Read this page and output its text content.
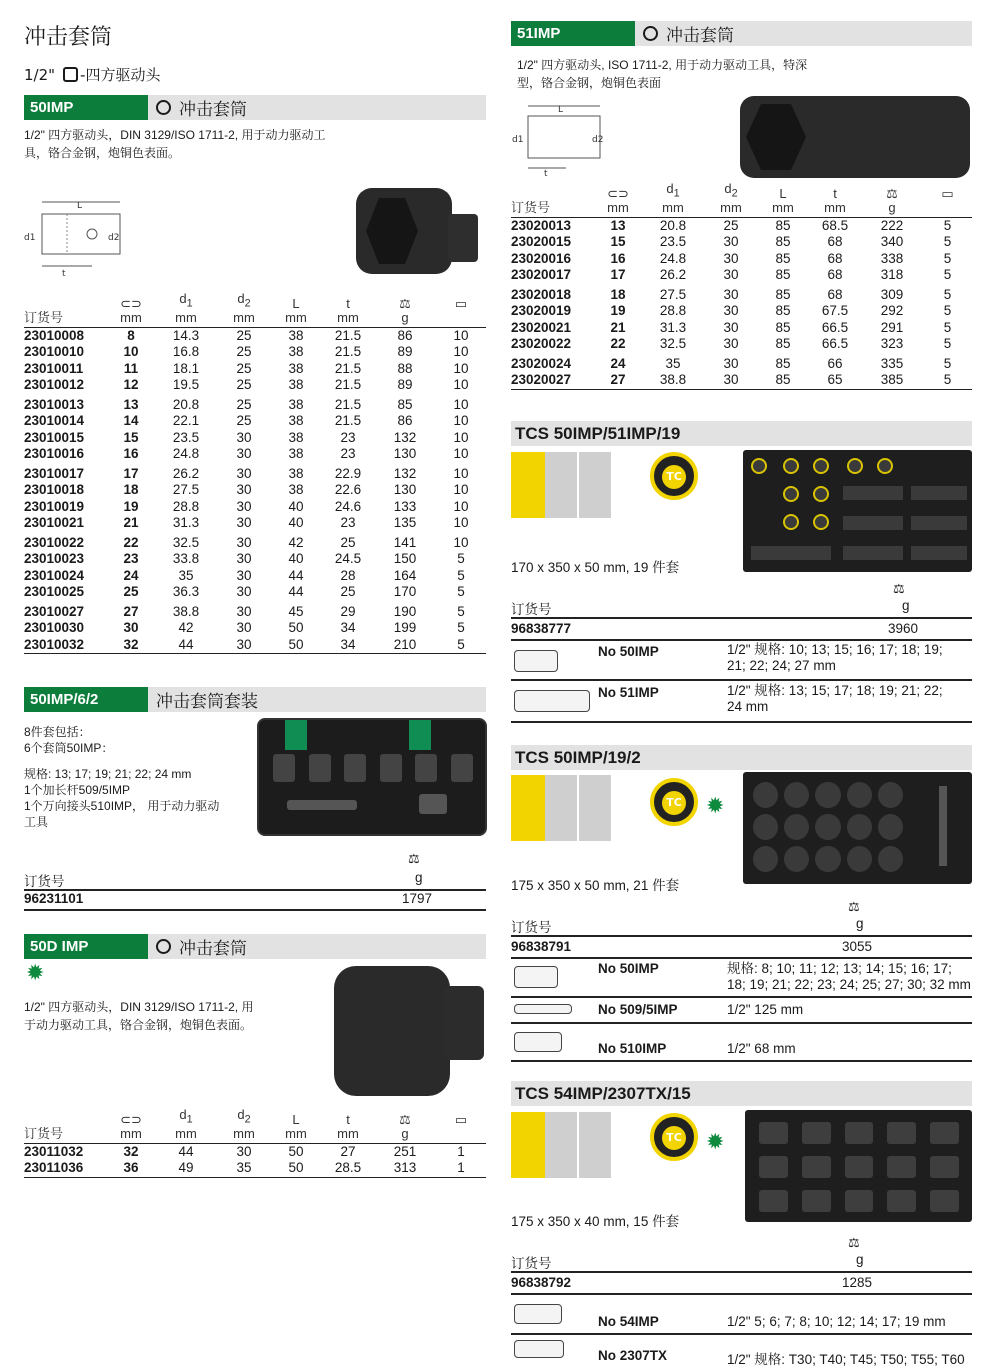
冲击套筒
1/2" -四方驱动头
50IMP	冲击套筒
1/2" 四方驱动头，DIN 3129/ISO 1711-2, 用于动力驱动工
具，铬合金钢，炮铜色表面。
L
d1	d2
t
	⊂⊃	$d_1$	$d_2$	L	t	⚖	▭
订货号	mm	mm	mm	mm	mm	g	
23010008	8	14.3	25	38	21.5	86	10
23010010	10	16.8	25	38	21.5	89	10
23010011	11	18.1	25	38	21.5	88	10
23010012	12	19.5	25	38	21.5	89	10
23010013	13	20.8	25	38	21.5	85	10
23010014	14	22.1	25	38	21.5	86	10
23010015	15	23.5	30	38	23	132	10
23010016	16	24.8	30	38	23	130	10
23010017	17	26.2	30	38	22.9	132	10
23010018	18	27.5	30	38	22.6	130	10
23010019	19	28.8	30	40	24.6	133	10
23010021	21	31.3	30	40	23	135	10
23010022	22	32.5	30	42	25	141	10
23010023	23	33.8	30	40	24.5	150	5
23010024	24	35	30	44	28	164	5
23010025	25	36.3	30	44	25	170	5
23010027	27	38.8	30	45	29	190	5
23010030	30	42	30	50	34	199	5
23010032	32	44	30	50	34	210	5
50IMP/6/2	冲击套筒套装
8件套包括：
6个套筒50IMP：
规格: 13; 17; 19; 21; 22; 24 mm
1个加长杆509/5IMP
1个万向接头510IMP， 用于动力驱动
工具
⚖
订货号	g
96231101	1797
50D IMP	冲击套筒
✹
1/2" 四方驱动头，DIN 3129/ISO 1711-2, 用
于动力驱动工具，铬合金钢，炮铜色表面。
	⊂⊃	$d_1$	$d_2$	L	t	⚖	▭
订货号	mm	mm	mm	mm	mm	g	
23011032	32	44	30	50	27	251	1
23011036	36	49	35	50	28.5	313	1
51IMP	冲击套筒
1/2" 四方驱动头, ISO 1711-2, 用于动力驱动工具，特深
型，铬合金钢，炮铜色表面
L
d1	d2
t
	⊂⊃	$d_1$	$d_2$	L	t	⚖	▭
订货号	mm	mm	mm	mm	mm	g	
23020013	13	20.8	25	85	68.5	222	5
23020015	15	23.5	30	85	68	340	5
23020016	16	24.8	30	85	68	338	5
23020017	17	26.2	30	85	68	318	5
23020018	18	27.5	30	85	68	309	5
23020019	19	28.8	30	85	67.5	292	5
23020021	21	31.3	30	85	66.5	291	5
23020022	22	32.5	30	85	66.5	323	5
23020024	24	35	30	85	66	335	5
23020027	27	38.8	30	85	65	385	5
TCS 50IMP/51IMP/19
TC
170 x 350 x 50 mm, 19 件套
⚖
订货号	g
96838777	3960
No 50IMP	1/2" 规格: 10; 13; 15; 16; 17; 18; 19;
21; 22; 24; 27 mm
No 51IMP	1/2" 规格: 13; 15; 17; 18; 19; 21; 22;
24 mm
TCS 50IMP/19/2
TC ✹
175 x 350 x 50 mm, 21 件套
⚖
订货号	g
96838791	3055
No 50IMP	规格: 8; 10; 11; 12; 13; 14; 15; 16; 17;
18; 19; 21; 22; 23; 24; 25; 27; 30; 32 mm
No 509/5IMP	1/2" 125 mm
No 510IMP	1/2" 68 mm
TCS 54IMP/2307TX/15
TC ✹
175 x 350 x 40 mm, 15 件套
⚖
订货号	g
96838792	1285
No 54IMP	1/2" 5; 6; 7; 8; 10; 12; 14; 17; 19 mm
No 2307TX	1/2" 规格: T30; T40; T45; T50; T55; T60
